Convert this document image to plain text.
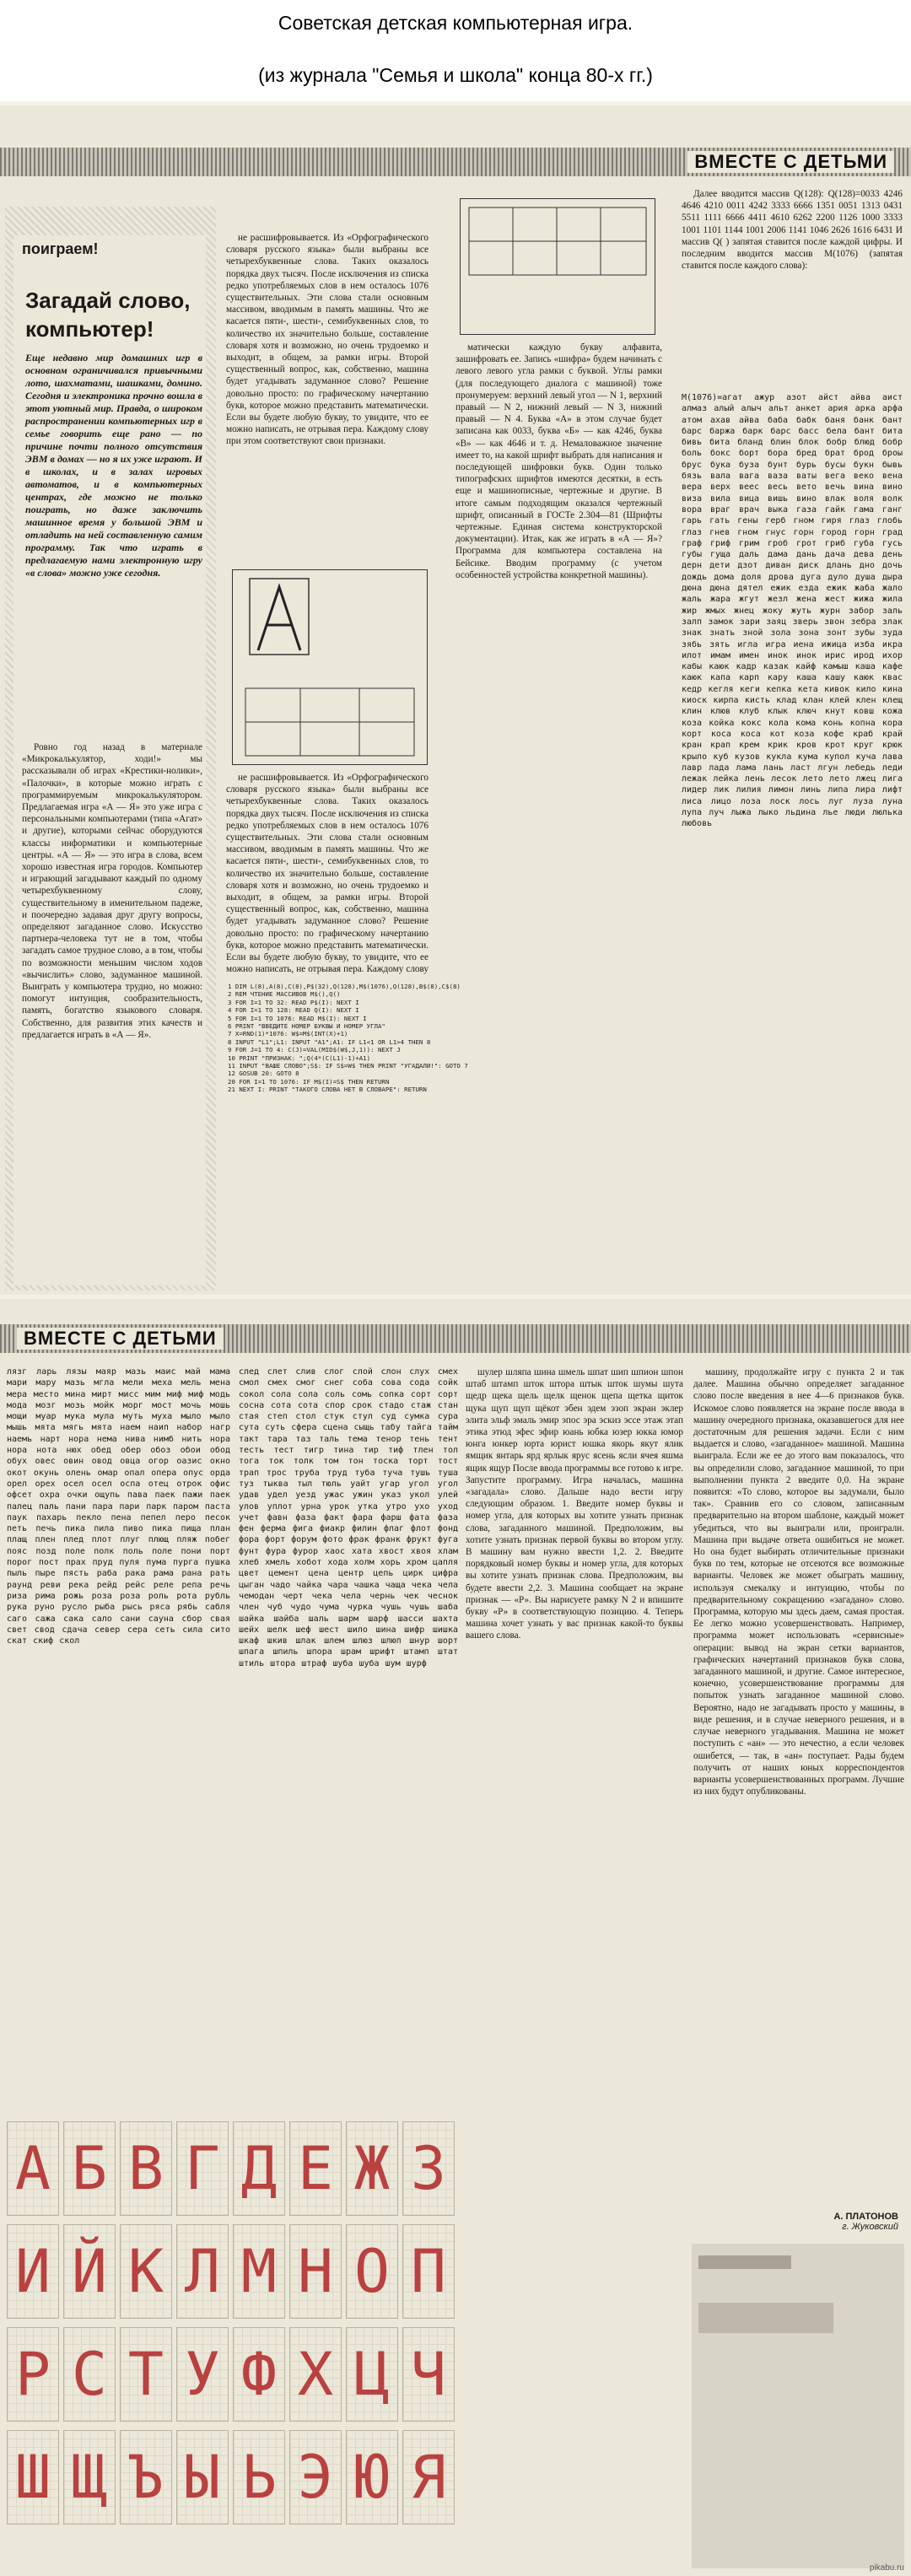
Советская детская компьютерная игра.
(из журнала "Семья и школа" конца 80-х гг.)
ВМЕСТЕ С ДЕТЬМИ
поиграем!
Загадай слово,
компьютер!
Еще недавно мир домашних игр в основном ограничивался привычными лото, шахматами, шашками, домино. Сегодня и электроника прочно вошла в этот уютный мир. Правда, о широком распространении компьютерных игр в семье говорить еще рано — по причине почти полного отсутствия ЭВМ в домах — но я их уже играют. И в школах, и в залах игровых автоматов, и в компьютерных центрах, где можно не только поиграть, но даже заключить машинное время у большой ЭВМ и отладить на ней составленную самим программу. Так что играть в предлагаемую нами электронную игру «в слова» можно уже сегодня.

Ровно год назад в материале «Микрокалькулятор, ходи!» мы рассказывали об играх «Крестики-нолики», «Палочки», в которые можно играть с программируемым микрокалькулятором. Предлагаемая игра «А — Я» это уже игра с персональными компьютерами (типа «Агат» и другие), которыми сейчас оборудуются классы информатики и компьютерные центры. «А — Я» — это игра в слова, всем хорошо известная игра городов. Компьютер и играющий загадывают каждый по одному четырехбуквенному слову, существительному в именительном падеже, и поочередно задавая друг другу вопросы, определяют загаданное слово. Искусство партнера-человека тут не в том, чтобы загадать самое трудное слово, а в том, чтобы по возможности меньшим числом ходов «вычислить» слово, задуманное машиной. Выиграть у компьютера трудно, но можно: помогут интуиция, сообразительность, память, богатство языкового словаря. Собственно, для развития этих качеств и предлагается играть в «А — Я».

не расшифровывается. Из «Орфографического словаря русского языка» были выбраны все четырехбуквенные слова. Таких оказалось порядка двух тысяч. После исключения из списка редко употребляемых слов в нем осталось 1076 существительных. Эти слова стали основным массивом, вводимым в память машины. Что же касается пяти-, шести-, семибуквенных слов, то количество их значительно больше, составление словаря хотя и возможно, но очень трудоемко и выходит, в общем, за рамки игры. Второй существенный вопрос, как, собственно, машина будет угадывать задуманное слово? Решение довольно просто: по графическому начертанию букв, которое можно представить математически. Если вы будете любую букву, то увидите, что ее можно написать, не отрывая пера. Каждому слову при этом соответствуют свои признаки.

не расшифровывается. Из «Орфографического словаря русского языка» были выбраны все четырехбуквенные слова. Таких оказалось порядка двух тысяч. После исключения из списка редко употребляемых слов в нем осталось 1076 существительных. Эти слова стали основным массивом, вводимым в память машины. Что же касается пяти-, шести-, семибуквенных слов, то количество их значительно больше, составление словаря хотя и возможно, но очень трудоемко и выходит, в общем, за рамки игры. Второй существенный вопрос, как, собственно, машина будет угадывать задуманное слово? Решение довольно просто: по графическому начертанию букв, которое можно представить математически. Если вы будете любую букву, то увидите, что ее можно написать, не отрывая пера. Каждому слову

матически каждую букву алфавита, зашифровать ее. Запись «шифра» будем начинать с левого левого угла рамки с буквой. Углы рамки (для последующего диалога с машиной) тоже пронумеруем: верхний левый угол — N 1, верхний правый — N 2, нижний левый — N 3, нижний правый — N 4. Буква «А» в этом случае будет записана как 0033, буква «Б» — как 4246, буква «В» — как 4646 и т. д. Немаловажное значение имеет то, на какой шрифт выбрать для написания и последующей шифровки букв. Один только типографских шрифтов имеются десятки, в есть еще и машинописные, чертежные и другие. В итоге самым подходящим оказался чертежный шрифт, описанный в ГОСТе 2.304—81 (Шрифты чертежные. Единая система конструкторской документации). Итак, как же играть в «А — Я»? Программа для компьютера составлена на Бейсике. Вводим программу (с учетом особенностей устройства конкретной машины).

1 DIM L(8),A(8),C(8),P$(32),Q(128),M$(1076),Q(128),B$(8),C$(8)
2 REM ЧТЕНИЕ МАССИВОВ M$(),Q()
3 FOR I=1 TO 32: READ P$(I): NEXT I
4 FOR I=1 TO 128: READ Q(I): NEXT I
5 FOR I=1 TO 1076: READ M$(I): NEXT I
6 PRINT "ВВЕДИТЕ НОМЕР БУКВЫ И НОМЕР УГЛА"
7 X=RND(1)*1076: W$=M$(INT(X)+1)
8 INPUT "L1";L1: INPUT "A1";A1: IF L1<1 OR L1>4 THEN 8
9 FOR J=1 TO 4: C(J)=VAL(MID$(W$,J,1)): NEXT J
10 PRINT "ПРИЗНАК: ";Q(4*(C(L1)-1)+A1)
11 INPUT "ВАШЕ СЛОВО";S$: IF S$=W$ THEN PRINT "УГАДАЛИ!": GOTO 7
12 GOSUB 20: GOTO 8
20 FOR I=1 TO 1076: IF M$(I)=S$ THEN RETURN
21 NEXT I: PRINT "ТАКОГО СЛОВА НЕТ В СЛОВАРЕ": RETURN

Далее вводится массив Q(128): Q(128)=0033 4246 4646 4210 0011 4242 3333 6666 1351 0051 1313 0431 5511 1111 6666 4411 4610 6262 2200 1126 1000 3333 1001 1101 1144 1001 2006 1141 1046 2626 1616 6431 И массив Q( ) запятая ставится после каждой цифры. И последним вводится массив M(1076) (запятая ставится после каждого слова):

М(1076)=агат ажур азот айст айва аист алмаз алый алыч альт анкет ария арка арфа атом ахав айва баба бабк баня банк бант барс баржа барк барс басс бела бант бита бивь бита бланд блин блок бобр блюд бобр боль бокс борт бора бред брат брод броы брус бука буза бунт бурь бусы букн бывь бязь вала вага ваза ваты вега веко вена вера верх веес весь вето вечь вина вино виза вила вица вишь вино влак воля волк вора враг врач выка газа гайк гама ганг гарь гать гены герб гном гиря глаз глобь глаз гнев гном гнус горн город горн град граф гриф грим гроб грот гриб губа гусь губы гуща даль дама дань дача дева день дерн дети дзот диван диск длань дно дочь дождь дома доля дрова дуга дуло душа дыра дюна дюна дятел ежик езда ежик жаба жало жаль жара жгут жезл жена жест жижа жила жир жмых жнец жоку жуть журн забор заль залп замок зари заяц зверь звон зебра злак знак знать зной зола зона зонт зубы зуда зябь зять игла игра иена ижица изба икра илот имам имен инок инок ирис ирод ихор кабы каюк кадр казак кайф камыш каша кафе каюк капа карп кару каша кашу каюк кваc кедр кегля кеги кепка кета кивок кило кина киоск кирпа кисть клад клан клей клен клещ клин клюв клуб клык ключ кнут ковш кожа коза койка кокс кола кома конь копна кора корт коса коса кот коза кофе краб край кран крап крем крик кров крот круг крюк крыло куб кузов кукла кума купол куча лава лавр лада лама лань ласт лгун лебедь леди лежак лейка лень лесок лето лето лжец лига лидер лик лилия лимон линь липа лира лифт лиса лицо лоза лоск лось луг луза луна лупа луч лыжа лыко льдина лье люди люлька любовь
ВМЕСТЕ С ДЕТЬМИ
лязг ларь лязы маяр мазь маис май мама мари мару мазь мгла мели меха мель мена мера место мина мирт мисс мим миф миф модь мода мозг мозь мойк морг мост мочь мошь мощи муар мука мула муть муха мыло мыло мышь мята мягь мята наем наип набор нагр наемь нарт нора нема нива нимб нить нора нора нота нюх обед обер обоз обои обод обух овес овин овод овца огор оазис окно окот окунь олень омар опал опера опус орда орел орех осел осел оспа отец отрок офис офсет охра очки ощупь пава паек пажи паек палец паль пани пара пари парк паром паста паук пахарь пекло пена пепел перо песок петь печь пика пила пиво пика пища план плащ плен плед плот плуг плющ пляж побег пояс позд поле полк поль поле пони порт порог пост прах пруд пуля пума пурга пушка пыль пыре пясть раба рака рама рана рать раунд реви река рейд рейс реле репа речь риза рима рожь роза роза роль рота рубль рука руно русло рыба рысь ряса рябь сабля саго сажа сака сало сани сауна сбор свая свет свод сдача север сера сеть сила сито скат скиф скол
след слет слив слог слой слон слух смех смол смех смог снег соба сова сода сойк сокол сола сола соль сомь сопка сорт сорт сосна сота сота спор срок стадо стаж стан стая степ стол стук стул суд сумка сура сута суть сфера сцена сыщь табу тайга тайм такт тара таз таль тема тенор тень тент тесть тест тигр тина тир тиф тлен тол тога ток толк том тон тоска торт тост трап трос труба труд туба туча тушь туша туз тыква тыл тюль уайт угар угол угол удав удел уезд ужас ужин указ укол улей улов уплот урна урок утка утро ухо уход учет фавн фаза факт фара фарш фата фаза фен ферма фига фиакр филин флаг флот фонд фора форт форум фото фрак франк фрукт фуга фунт фура фурор хаос хата хвост хвоя хлам хлеб хмель хобот хода холм хорь хром цапля цвет цемент цена центр цепь цирк цифра цыган чадо чайка чара чашка чаща чека чела чемодан черт чека чела чернь чек чеснок член чуб чудо чума чурка чушь чушь шаба шайка шайба шаль шарм шарф шасси шахта шейх шелк шеф шест шило шина шифр шишка шкаф шкив шлак шлем шлюз шлюп шнур шорт шпага шпиль шпора шрам шрифт штамп штат штиль штора штраф шуба шуба шум шурф

шулер шляпа шина шмель шпат шип шпион шпон штаб штамп шток штора штык шток шумы шута щедр щека щель щелк щенок щепа щетка щиток щука щуп щуп щёкот эбен эдем эзоп экран эклер элита эльф эмаль эмир эпос эра эскиз эссе этаж этап этика этюд эфес эфир юань юбка юзер юкка юмор юнга юнкер юрта юрист юшка якорь якут ялик ямщик янтарь ярд ярлык ярус ясень ясли ячея яшма ящик ящур После ввода программы все готово к игре. Запустите программу. Игра началась, машина «загадала» слово. Дальше надо вести игру следующим образом. 1. Введите номер буквы и номер угла, для которых вы хотите узнать признак слова, загаданного машиной. Предположим, вы хотите узнать признак первой буквы во втором углу. В машину вам нужно ввести 1,2. 2. Введите порядковый номер буквы и номер угла, для которых вы хотите узнать признак слова. Предположим, вы будете ввести 2,2. 3. Машина сообщает на экране признак — «Р». Вы нарисуете рамку N 2 и впишите букву «Р» в соответствующую позицию. 4. Теперь машина хочет узнать у вас признак какой-то буквы вашего слова.

машину, продолжайте игру с пункта 2 и так далее. Машина обычно определяет загаданное слово после введения в нее 4—6 признаков букв. Искомое слово появляется на экране после ввода в машину очередного признака, оказавшегося для нее достаточным для решения задачи. Если с ним выдается и слово, «загаданное» машиной. Машина выиграла. Если же ее до этого вам показалось, что вы определили слово, загаданное машиной, то при выполнении пункта 2 введите 0,0. На экране появится: «То слово, которое вы задумали, было так». Сравнив его со словом, записанным предварительно на втором шаблоне, каждый может убедиться, что вы выиграли или, проиграли. Машина при выдаче ответа ошибиться не может. Но она будет выбирать отличительные признаки букв по тем, которые не отсеются все возможные варианты. Человек же может обыграть машину, используя смекалку и интуицию, чтобы по предварительному сокращению «загадано» слово. Программа, которую мы здесь даем, самая простая. Ее легко можно усовершенствовать. Например, программа может использовать «сервисные» операции: вывод на экран сетки вариантов, графических начертаний признаков букв слова, загаданного машиной, и другие. Самое интересное, конечно, усовершенствование программы для попыток узнать загаданное машиной слово. Вероятно, надо не загадывать просто у машины, в виде решения, и в случае неверного решения, и в случае неверного угадывания. Машина не может поступить с «ан» — это нечестно, а если человек ошибется, — так, в «ан» поступает. Рады будем получить от наших юных корреспондентов варианты усовершенствованных программ. Лучшие из них будут опубликованы.

А. ПЛАТОНОВ
г. Жуковский
А Б В Г Д Е Ж З
И Й К Л М Н О П
Р С Т У Ф Х Ц Ч
Ш Щ Ъ Ы Ь Э Ю Я
pikabu.ru
